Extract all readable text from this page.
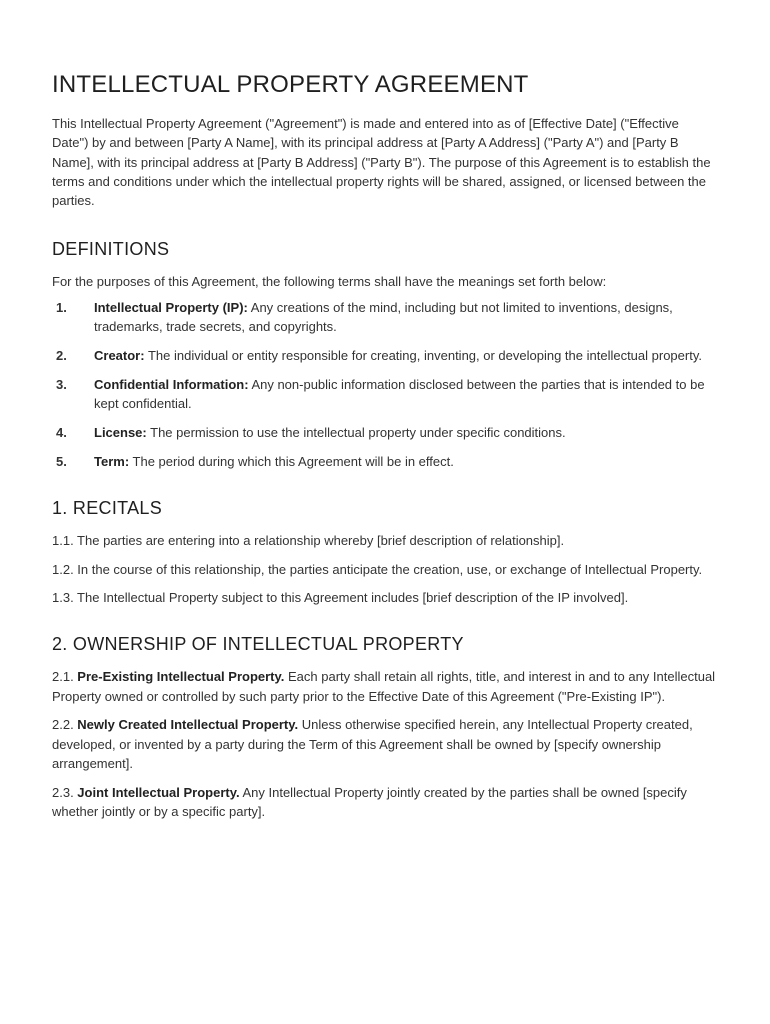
INTELLECTUAL PROPERTY AGREEMENT

This Intellectual Property Agreement ("Agreement") is made and entered into as of [Effective Date] ("Effective Date") by and between [Party A Name], with its principal address at [Party A Address] ("Party A") and [Party B Name], with its principal address at [Party B Address] ("Party B"). The purpose of this Agreement is to establish the terms and conditions under which the intellectual property rights will be shared, assigned, or licensed between the parties.

DEFINITIONS

For the purposes of this Agreement, the following terms shall have the meanings set forth below:

1.	Intellectual Property (IP): Any creations of the mind, including but not limited to inventions, designs, trademarks, trade secrets, and copyrights.
2.	Creator: The individual or entity responsible for creating, inventing, or developing the intellectual property.
3.	Confidential Information: Any non-public information disclosed between the parties that is intended to be kept confidential.
4.	License: The permission to use the intellectual property under specific conditions.
5.	Term: The period during which this Agreement will be in effect.
1. RECITALS

1.1. The parties are entering into a relationship whereby [brief description of relationship].

1.2. In the course of this relationship, the parties anticipate the creation, use, or exchange of Intellectual Property.

1.3. The Intellectual Property subject to this Agreement includes [brief description of the IP involved].

2. OWNERSHIP OF INTELLECTUAL PROPERTY

2.1. Pre-Existing Intellectual Property. Each party shall retain all rights, title, and interest in and to any Intellectual Property owned or controlled by such party prior to the Effective Date of this Agreement ("Pre-Existing IP").

2.2. Newly Created Intellectual Property. Unless otherwise specified herein, any Intellectual Property created, developed, or invented by a party during the Term of this Agreement shall be owned by [specify ownership arrangement].

2.3. Joint Intellectual Property. Any Intellectual Property jointly created by the parties shall be owned [specify whether jointly or by a specific party].
